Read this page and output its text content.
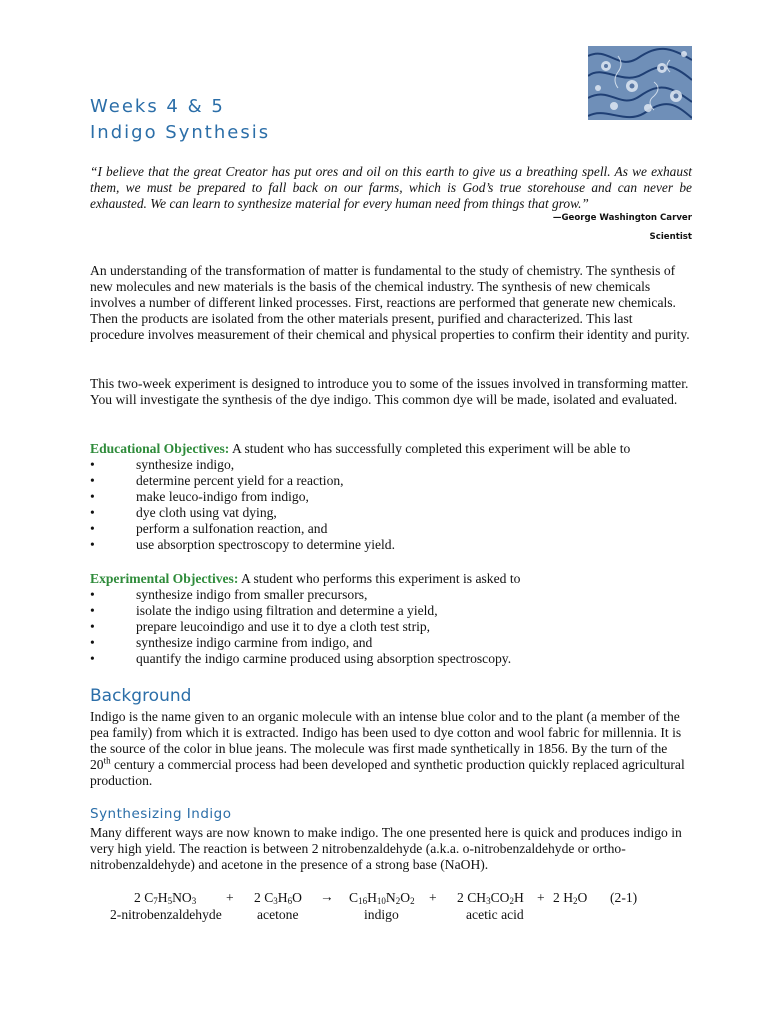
Weeks 4 & 5
Indigo Synthesis

“I believe that the great Creator has put ores and oil on this earth to give us a breathing spell. As we exhaust them, we must be prepared to fall back on our farms, which is God’s true storehouse and can never be exhausted. We can learn to synthesize material for every human need from things that grow.”

—George Washington Carver
Scientist

An understanding of the transformation of matter is fundamental to the study of chemistry. The synthesis of new molecules and new materials is the basis of the chemical industry. The synthesis of new chemicals involves a number of different linked processes. First, reactions are performed that generate new chemicals. Then the products are isolated from the other materials present, purified and characterized. This last procedure involves measurement of their chemical and physical properties to confirm their identity and purity.

This two-week experiment is designed to introduce you to some of the issues involved in transforming matter. You will investigate the synthesis of the dye indigo. This common dye will be made, isolated and evaluated.

Educational Objectives: A student who has successfully completed this experiment will be able to

•	synthesize indigo,
•	determine percent yield for a reaction,
•	make leuco-indigo from indigo,
•	dye cloth using vat dying,
•	perform a sulfonation reaction, and
•	use absorption spectroscopy to determine yield.

Experimental Objectives: A student who performs this experiment is asked to

•	synthesize indigo from smaller precursors,
•	isolate the indigo using filtration and determine a yield,
•	prepare leucoindigo and use it to dye a cloth test strip,
•	synthesize indigo carmine from indigo, and
•	quantify the indigo carmine produced using absorption spectroscopy.
Background

Indigo is the name given to an organic molecule with an intense blue color and to the plant (a member of the pea family) from which it is extracted. Indigo has been used to dye cotton and wool fabric for millennia. It is the source of the color in blue jeans. The molecule was first made synthetically in 1856. By the turn of the 20th century a commercial process had been developed and synthetic production quickly replaced agricultural production.

Synthesizing Indigo

Many different ways are now known to make indigo. The one presented here is quick and produces indigo in very high yield. The reaction is between 2 nitrobenzaldehyde (a.k.a. o-nitrobenzaldehyde or ortho-nitrobenzaldehyde) and acetone in the presence of a strong base (NaOH).

2 $C_7H_5NO_3 + 2$ $C_3H_6O \to C_{16}H_{10}N_2O_2 + 2$ $CH_3CO_2H + 2$ $H_2O$ (2-1)
2-nitrobenzaldehyde	acetone	indigo	acetic acid
